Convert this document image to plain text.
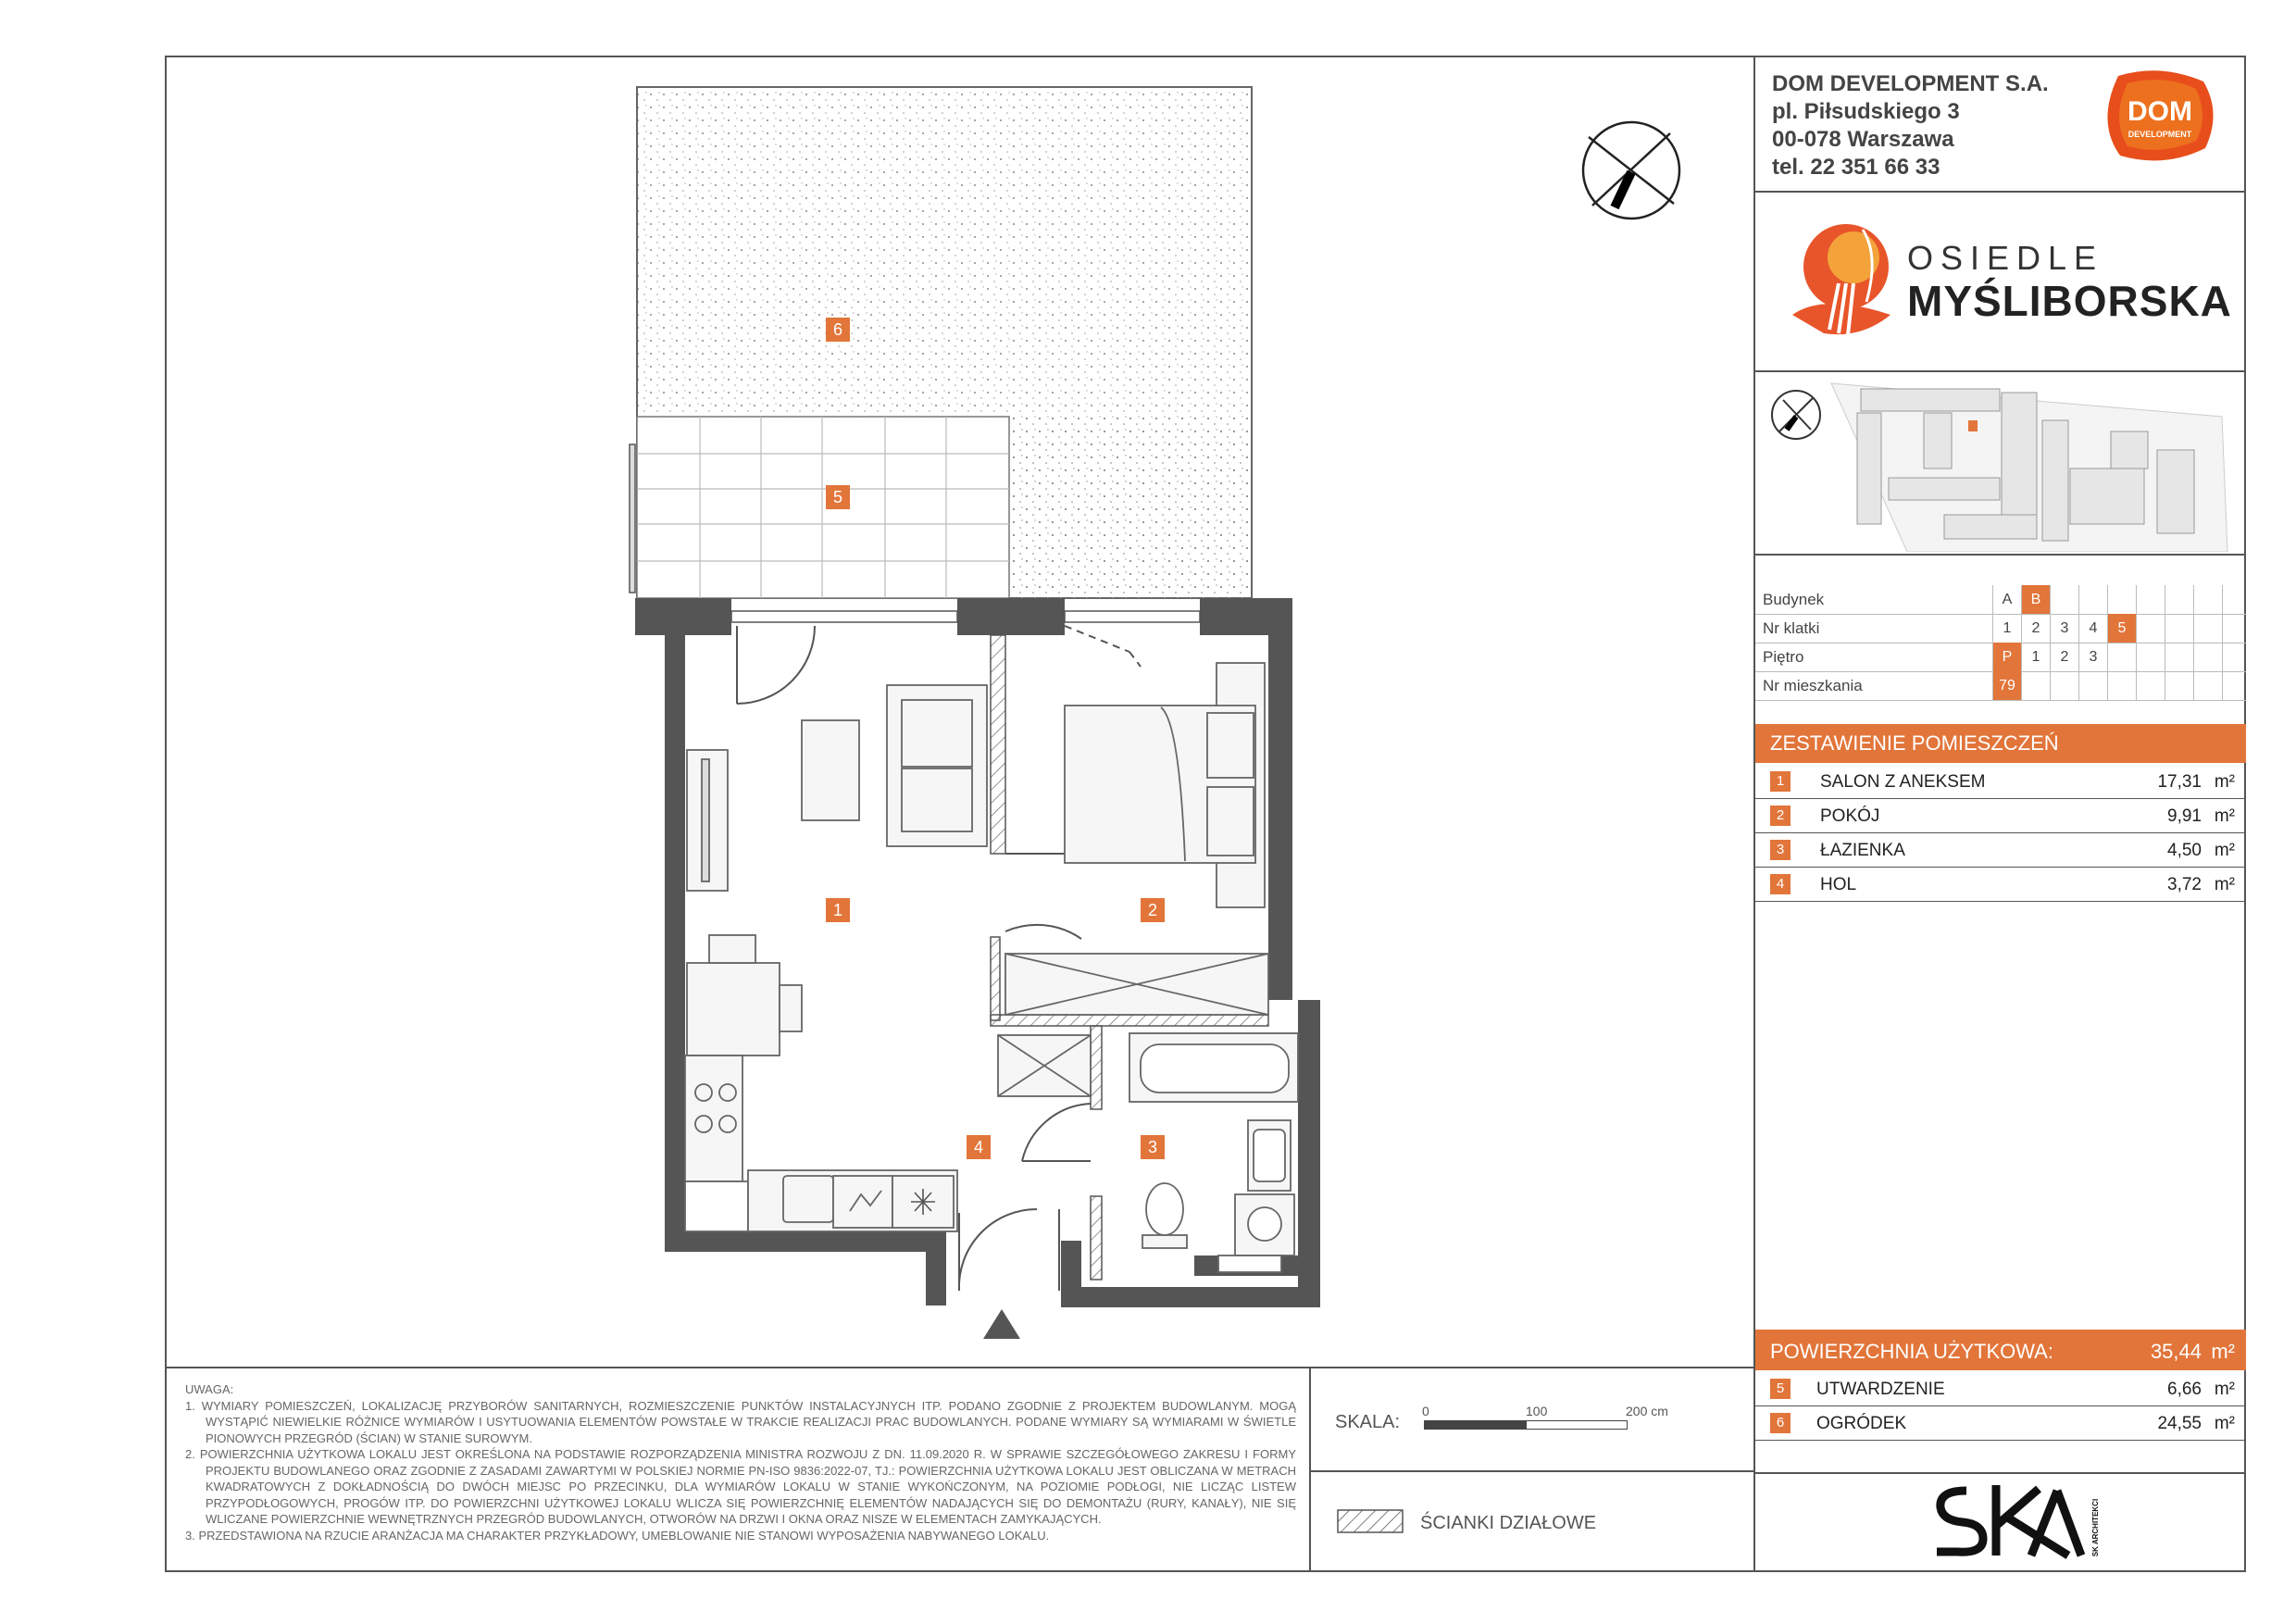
DOM DEVELOPMENT S.A.
pl. Piłsudskiego 3
00-078 Warszawa
tel. 22 351 66 33
DOM
DEVELOPMENT
OSIEDLE
MYŚLIBORSKA
Budynek	A	B
Nr klatki	1	2	3	4	5
Piętro	P	1	2	3
Nr mieszkania	79
ZESTAWIENIE POMIESZCZEŃ
1	SALON Z ANEKSEM	17,31 m²
2	POKÓJ	9,91 m²
3	ŁAZIENKA	4,50 m²
4	HOL	3,72 m²
POWIERZCHNIA UŻYTKOWA:	35,44 m²
5	UTWARDZENIE	6,66 m²
6	OGRÓDEK	24,55 m²
SK ARCHITEKCI
SKA

UWAGA:

1. WYMIARY POMIESZCZEŃ, LOKALIZACJĘ PRZYBORÓW SANITARNYCH, ROZMIESZCZENIE PUNKTÓW INSTALACYJNYCH ITP. PODANO ZGODNIE Z PROJEKTEM BUDOWLANYM. MOGĄ WYSTĄPIĆ NIEWIELKIE RÓŻNICE WYMIARÓW I USYTUOWANIA ELEMENTÓW POWSTAŁE W TRAKCIE REALIZACJI PRAC BUDOWLANYCH. PODANE WYMIARY SĄ WYMIARAMI W ŚWIETLE PIONOWYCH PRZEGRÓD (ŚCIAN) W STANIE SUROWYM.

2. POWIERZCHNIA UŻYTKOWA LOKALU JEST OKREŚLONA NA PODSTAWIE ROZPORZĄDZENIA MINISTRA ROZWOJU Z DN. 11.09.2020 R. W SPRAWIE SZCZEGÓŁOWEGO ZAKRESU I FORMY PROJEKTU BUDOWLANEGO ORAZ ZGODNIE Z ZASADAMI ZAWARTYMI W POLSKIEJ NORMIE PN-ISO 9836:2022-07, TJ.: POWIERZCHNIA UŻYTKOWA LOKALU JEST OBLICZANA W METRACH KWADRATOWYCH Z DOKŁADNOŚCIĄ DO DWÓCH MIEJSC PO PRZECINKU, DLA WYMIARÓW LOKALU W STANIE WYKOŃCZONYM, NA POZIOMIE PODŁOGI, NIE LICZĄC LISTEW PRZYPODŁOGOWYCH, PROGÓW ITP. DO POWIERZCHNI UŻYTKOWEJ LOKALU WLICZA SIĘ POWIERZCHNIĘ ELEMENTÓW NADAJĄCYCH SIĘ DO DEMONTAŻU (RURY, KANAŁY), NIE SIĘ WLICZANE POWIERZCHNIE WEWNĘTRZNYCH PRZEGRÓD BUDOWLANYCH, OTWORÓW NA DRZWI I OKNA ORAZ NISZE W ELEMENTACH ZAMYKAJĄCYCH.

3. PRZEDSTAWIONA NA RZUCIE ARANŻACJA MA CHARAKTER PRZYKŁADOWY, UMEBLOWANIE NIE STANOWI WYPOSAŻENIA NABYWANEGO LOKALU.

SKALA:
0	100	200 cm
ŚCIANKI DZIAŁOWE
6
5
1	2
4	3
